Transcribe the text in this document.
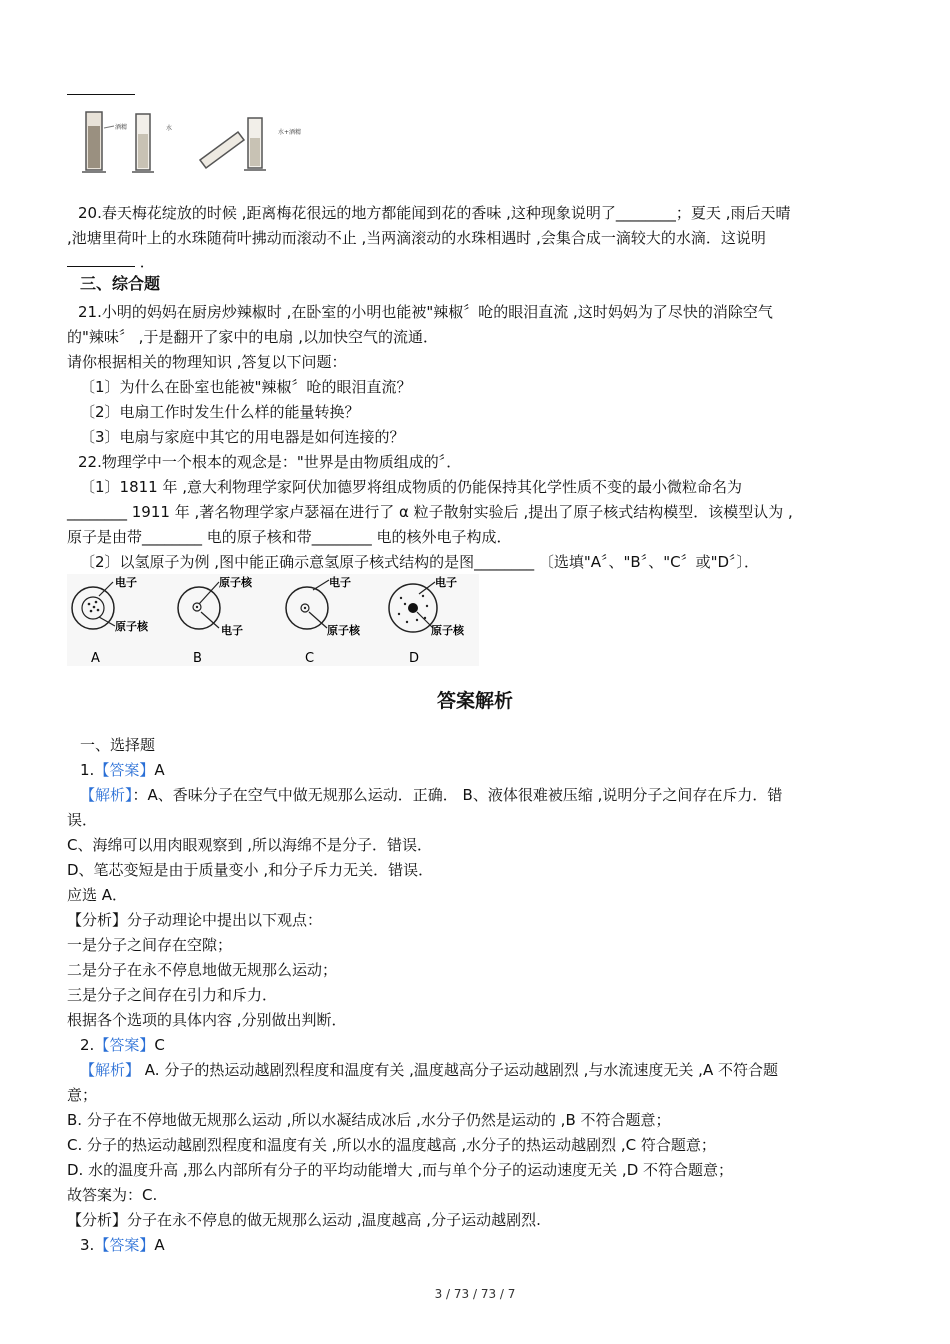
酒精	水
水+酒精
20.春天梅花绽放的时候 ,距离梅花很远的地方都能闻到花的香味 ,这种现象说明了________；夏天 ,雨后天晴
,池塘里荷叶上的水珠随荷叶拂动而滚动不止 ,当两滴滚动的水珠相遇时 ,会集合成一滴较大的水滴．这说明
．
三、综合题
21.小明的妈妈在厨房炒辣椒时 ,在卧室的小明也能被"辣椒〞呛的眼泪直流 ,这时妈妈为了尽快的消除空气
的"辣味〞 ,于是翻开了家中的电扇 ,以加快空气的流通．
请你根据相关的物理知识 ,答复以下问题：
〔1〕为什么在卧室也能被"辣椒〞呛的眼泪直流？
〔2〕电扇工作时发生什么样的能量转换？
〔3〕电扇与家庭中其它的用电器是如何连接的？
22.物理学中一个根本的观念是："世界是由物质组成的〞．
〔1〕1811 年 ,意大利物理学家阿伏加德罗将组成物质的仍能保持其化学性质不变的最小微粒命名为
________ 1911 年 ,著名物理学家卢瑟福在进行了 α 粒子散射实验后 ,提出了原子核式结构模型．该模型认为 ,
原子是由带________ 电的原子核和带________ 电的核外电子构成．
〔2〕以氢原子为例 ,图中能正确示意氢原子核式结构的是图________ 〔选填"A〞、"B〞、"C〞或"D〞〕．
电子
原子核
A
原子核
电子
B
电子
原子核
C
电子
原子核
D
答案解析
一、选择题
1.【答案】A
【解析】：A、香味分子在空气中做无规那么运动．正确． B、液体很难被压缩 ,说明分子之间存在斥力．错
误．
C、海绵可以用肉眼观察到 ,所以海绵不是分子．错误．
D、笔芯变短是由于质量变小 ,和分子斥力无关．错误．
应选 A．
【分析】分子动理论中提出以下观点：
一是分子之间存在空隙；
二是分子在永不停息地做无规那么运动；
三是分子之间存在引力和斥力．
根据各个选项的具体内容 ,分别做出判断．
2.【答案】C
【解析】 A. 分子的热运动越剧烈程度和温度有关 ,温度越高分子运动越剧烈 ,与水流速度无关 ,A 不符合题
意；
B. 分子在不停地做无规那么运动 ,所以水凝结成冰后 ,水分子仍然是运动的 ,B 不符合题意；
C. 分子的热运动越剧烈程度和温度有关 ,所以水的温度越高 ,水分子的热运动越剧烈 ,C 符合题意；
D. 水的温度升高 ,那么内部所有分子的平均动能增大 ,而与单个分子的运动速度无关 ,D 不符合题意；
故答案为：C.
【分析】分子在永不停息的做无规那么运动 ,温度越高 ,分子运动越剧烈.
3.【答案】A
3 / 73 / 73 / 7
